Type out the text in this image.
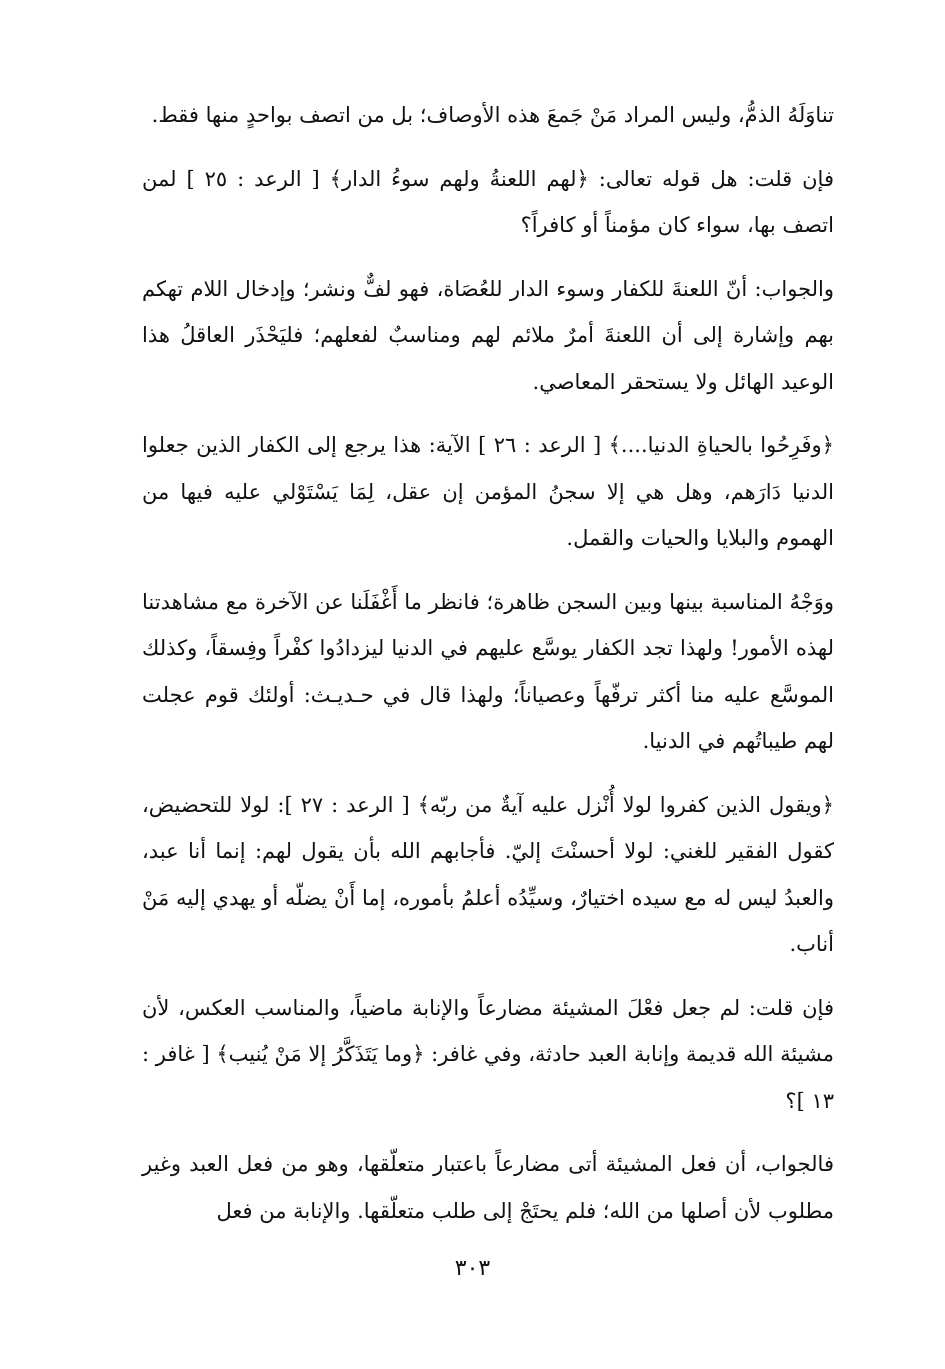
تناوَلَهُ الذمُّ، وليس المراد مَنْ جَمعَ هذه الأوصاف؛ بل من اتصف بواحدٍ منها فقط.

فإن قلت: هل قوله تعالى: ﴿لهم اللعنةُ ولهم سوءُ الدار﴾ [ الرعد : ٢٥ ] لمن اتصف بها، سواء كان مؤمناً أو كافراً؟

والجواب: أنّ اللعنةَ للكفار وسوء الدار للعُصَاة، فهو لفٌّ ونشر؛ وإدخال اللام تهكم بهم وإشارة إلى أن اللعنةَ أمرٌ ملائم لهم ومناسبٌ لفعلهم؛ فليَحْذَر العاقلُ هذا الوعيد الهائل ولا يستحقر المعاصي.

﴿وفَرِحُوا بالحياةِ الدنيا....﴾ [ الرعد : ٢٦ ] الآية: هذا يرجع إلى الكفار الذين جعلوا الدنيا دَارَهم، وهل هي إلا سجنُ المؤمن إن عقل، لِمَا يَسْتَوْلي عليه فيها من الهموم والبلايا والحيات والقمل.

ووَجْهُ المناسبة بينها وبين السجن ظاهرة؛ فانظر ما أَغْفَلَنا عن الآخرة مع مشاهدتنا لهذه الأمور! ولهذا تجد الكفار يوسَّع عليهم في الدنيا ليزدادُوا كفْراً وفِسقاً، وكذلك الموسَّع عليه منا أكثر ترفّهاً وعصياناً؛ ولهذا قال في حـديـث: أولئك قوم عجلت لهم طيباتُهم في الدنيا.

﴿ويقول الذين كفروا لولا أُنْزل عليه آيةٌ من ربّه﴾ [ الرعد : ٢٧ ]: لولا للتحضيض، كقول الفقير للغني: لولا أحسنْتَ إليّ. فأجابهم الله بأن يقول لهم: إنما أنا عبد، والعبدُ ليس له مع سيده اختيارٌ، وسيِّدُه أعلمُ بأموره، إما أَنْ يضلّه أو يهدي إليه مَنْ أناب.

فإن قلت: لم جعل فعْلَ المشيئة مضارعاً والإنابة ماضياً، والمناسب العكس، لأن مشيئة الله قديمة وإنابة العبد حادثة، وفي غافر: ﴿وما يَتَذَكَّرُ إلا مَنْ يُنيب﴾ [ غافر : ١٣ ]؟

فالجواب، أن فعل المشيئة أتى مضارعاً باعتبار متعلّقها، وهو من فعل العبد وغير مطلوب لأن أصلها من الله؛ فلم يحتَجْ إلى طلب متعلّقها. والإنابة من فعل

٣٠٣
